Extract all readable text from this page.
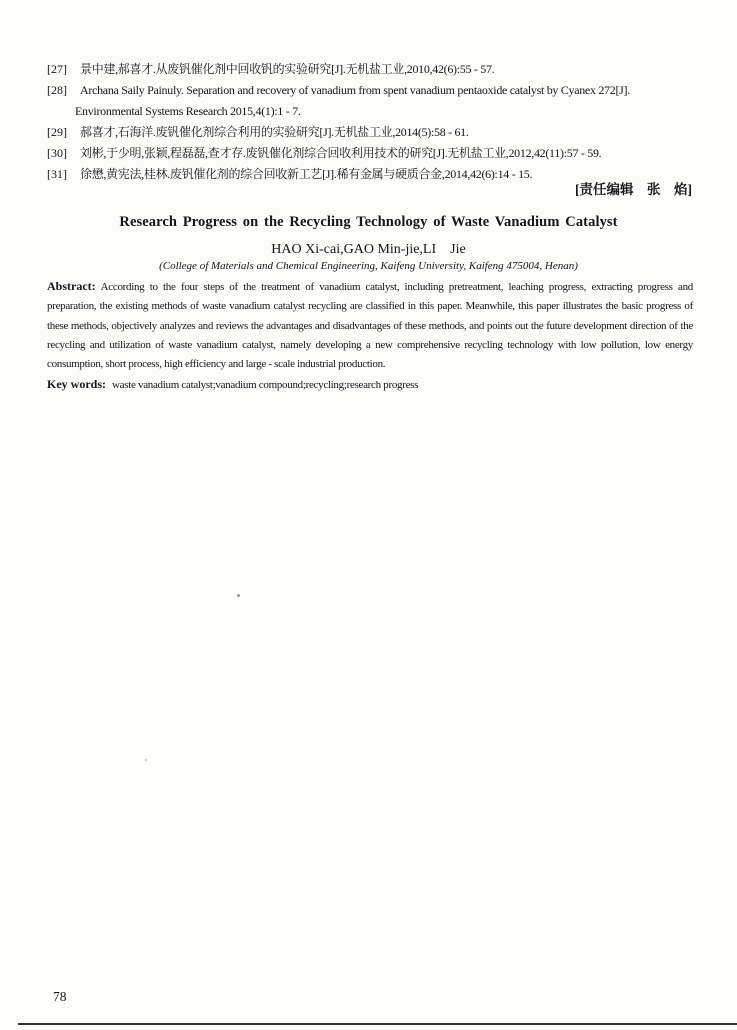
[27] 景中建,郝喜才.从废钒催化剂中回收钒的实验研究[J].无机盐工业,2010,42(6):55 - 57.
[28] Archana Saily Painuly. Separation and recovery of vanadium from spent vanadium pentaoxide catalyst by Cyanex 272[J]. Environmental Systems Research 2015,4(1):1 - 7.
[29] 郝喜才,石海洋.废钒催化剂综合利用的实验研究[J].无机盐工业,2014(5):58 - 61.
[30] 刘彬,于少明,张颖,程磊磊,查才存.废钒催化剂综合回收利用技术的研究[J].无机盐工业,2012,42(11):57 - 59.
[31] 徐懋,黄宪法,桂林.废钒催化剂的综合回收新工艺[J].稀有金属与硬质合金,2014,42(6):14 - 15.
[责任编辑　张　焰]
Research Progress on the Recycling Technology of Waste Vanadium Catalyst
HAO Xi-cai,GAO Min-jie,LI　Jie
(College of Materials and Chemical Engineering, Kaifeng University, Kaifeng 475004, Henan)
Abstract: According to the four steps of the treatment of vanadium catalyst, including pretreatment, leaching progress, extracting progress and preparation, the existing methods of waste vanadium catalyst recycling are classified in this paper. Meanwhile, this paper illustrates the basic progress of these methods, objectively analyzes and reviews the advantages and disadvantages of these methods, and points out the future development direction of the recycling and utilization of waste vanadium catalyst, namely developing a new comprehensive recycling technology with low pollution, low energy consumption, short process, high efficiency and large - scale industrial production.
Key words: waste vanadium catalyst;vanadium compound;recycling;research progress
78
